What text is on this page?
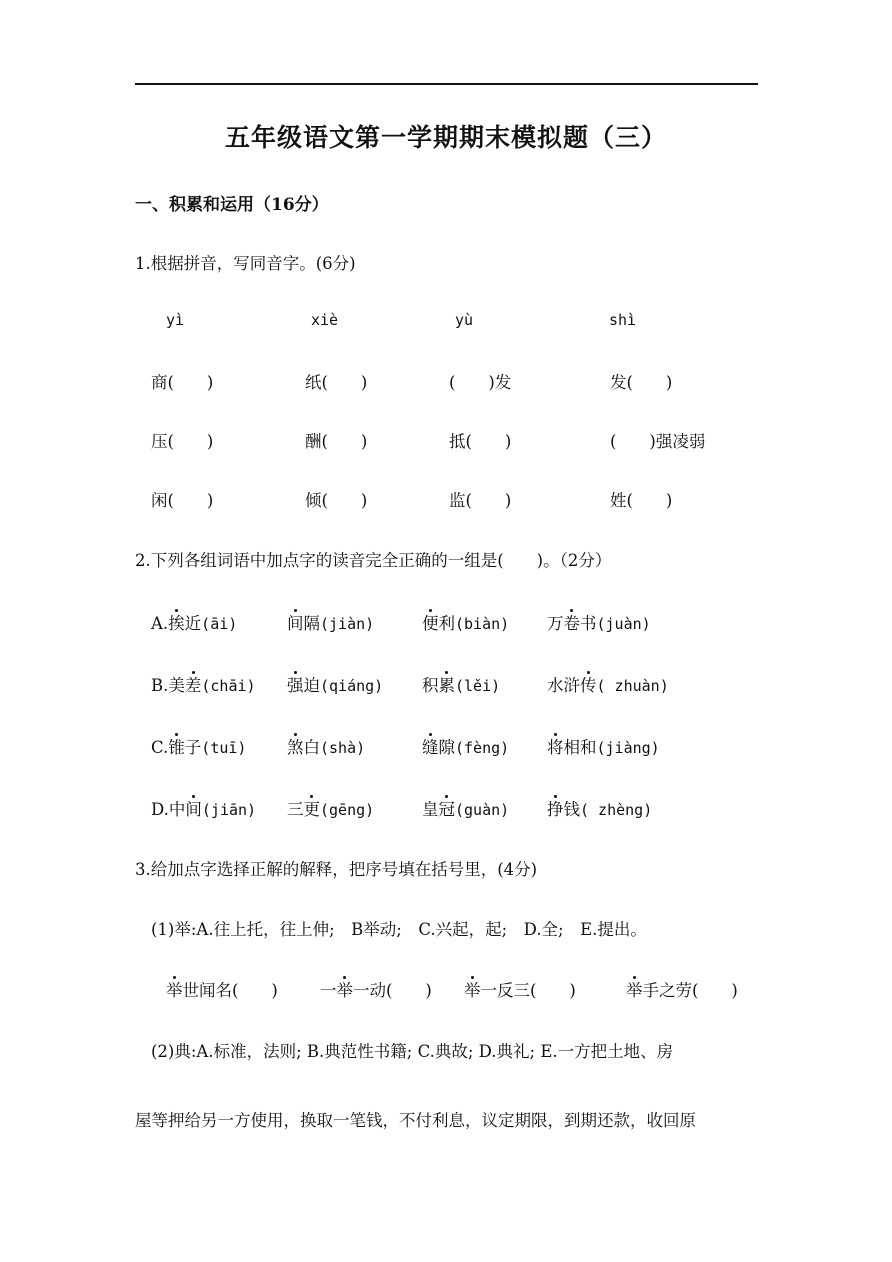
五年级语文第一学期期末模拟题（三）
一、积累和运用（16分）
1.根据拼音，写同音字。(6分)
yì	xiè	yù	shì
商(　　)	纸(　　)	(　　)发	发(　　)
压(　　)	酬(　　)	抵(　　)	(　　)强凌弱
闲(　　)	倾(　　)	监(　　)	姓(　　)
2.下列各组词语中加点字的读音完全正确的一组是(　　)。（2分）
A.挨近(āi)	间隔(jiàn)	便利(biàn) 万卷书(juàn)
B.美差(chāi) 强迫(qiáng) 积累(lěi)	水浒传( zhuàn)
C.锥子(tuī) 煞白(shà)	缝隙(fèng) 将相和(jiàng)
D.中间(jiān) 三更(gēng)	皇冠(guàn) 挣钱( zhèng)
3.给加点字选择正解的解释，把序号填在括号里，(4分)
(1)举:A.往上托，往上伸;　B举动;　C.兴起，起;　D.全;　E.提出。
举世闻名(　　)	一举一动(　　) 举一反三(　　)	举手之劳(　　)
(2)典:A.标准，法则; B.典范性书籍; C.典故; D.典礼; E.一方把土地、房
屋等押给另一方使用，换取一笔钱，不付利息，议定期限，到期还款，收回原
